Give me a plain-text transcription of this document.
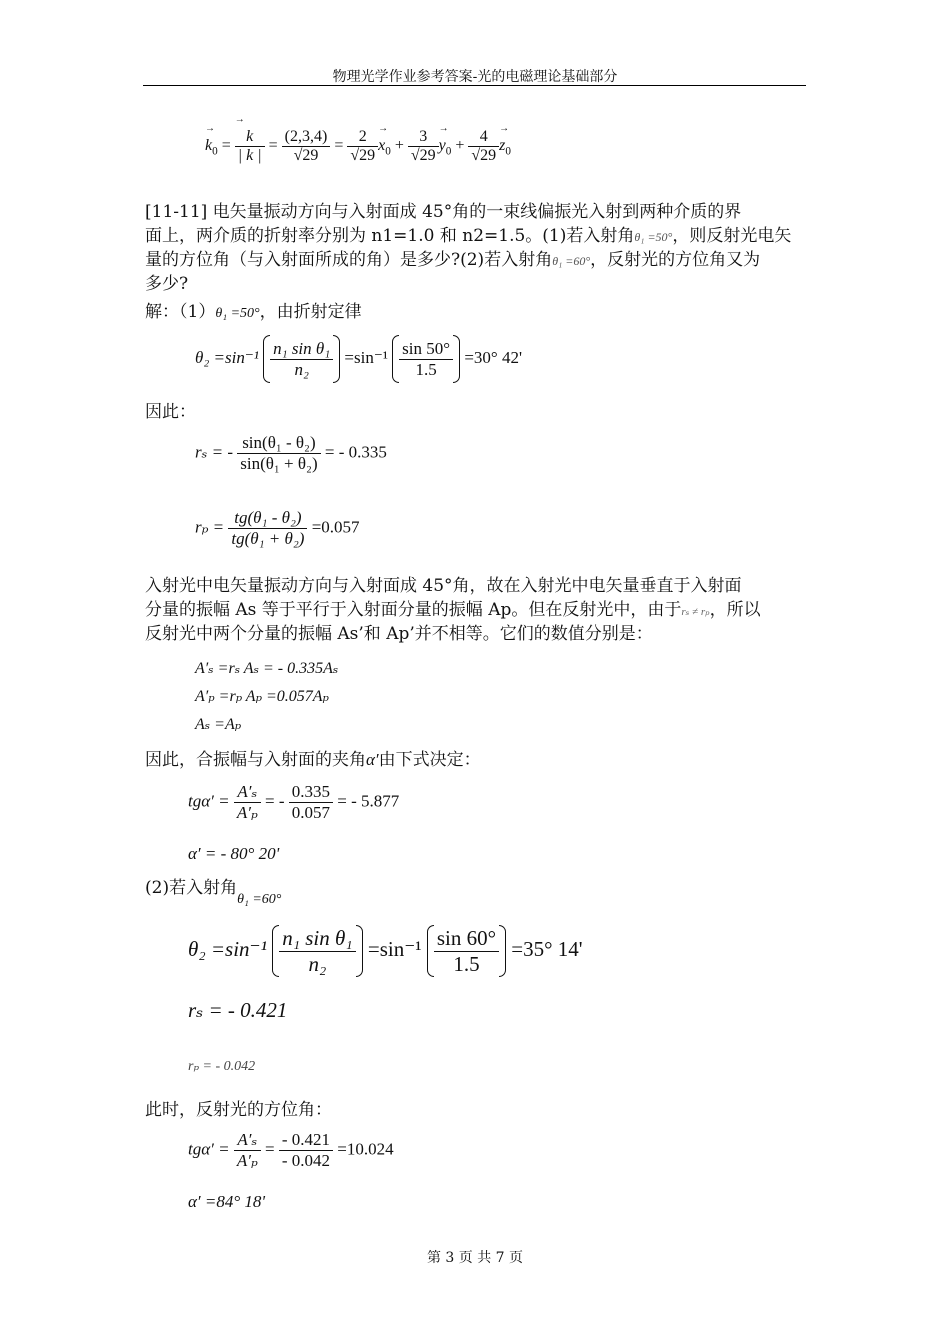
物理光学作业参考答案-光的电磁理论基础部分
→ $k_0$ =
→ $\frac{k}{| k |} = \frac{(2,3,4)}{√29} = \frac{2}{√29}$
→ $x_0 + \frac{3}{√29}$
→ $y_0 + \frac{4}{√29}$
→ $z_0$
[11-11] 电矢量振动方向与入射面成 45°角的一束线偏振光入射到两种介质的界
面上，两介质的折射率分别为 n1=1.0 和 n2=1.5。(1)若入射角θ₁ =50°，则反射光电矢
量的方位角（与入射面所成的角）是多少?(2)若入射角θ₁ =60°，反射光的方位角又为
多少?
解：（1）θ₁ =50°，由折射定律
$\theta_2 =\sin^{-1} \frac{\text{n₁ sin θ₁}}{\text{n₂}} =\sin^{-1} \frac{\sin 50^\circ}{1.5} =30^\circ$ 42'
因此：
rₛ = - $\frac{\text{sin(θ₁ - θ₂)}}{\text{sin(θ₁ + θ₂)}}$ = - 0.335
$r_p = \frac{\text{tg(θ₁ - θ₂)}}{\text{tg(θ₁ + θ₂)}} =0.057$
入射光中电矢量振动方向与入射面成 45°角，故在入射光中电矢量垂直于入射面
分量的振幅 As 等于平行于入射面分量的振幅 Ap。但在反射光中，由于rₛ ≠ rₚ，所以
反射光中两个分量的振幅 As’和 Ap’并不相等。它们的数值分别是：
A′ₛ =rₛ Aₛ = - 0.335Aₛ
A′ₚ =rₚ Aₚ =0.057Aₚ
Aₛ =Aₚ
因此，合振幅与入射面的夹角α′由下式决定：
$tg\alpha' = \frac{\text{A′ₛ}}{\text{A′ₚ}}$ = - $\frac{0.335}{0.057}$ = - 5.877
α′ = - 80° 20'
(2)若入射角$_{\theta_1 =60^\circ}$
$\theta_2 =\sin^{-1} \frac{\text{n₁ sin θ₁}}{\text{n₂}} =\sin^{-1} \frac{\sin 60^\circ}{1.5} =35^\circ$ 14'
rₛ = - 0.421
rₚ = - 0.042
此时，反射光的方位角：
$tg\alpha' = \frac{\text{A′ₛ}}{\text{A′ₚ}} = \frac{- 0.421}{- 0.042} =10.024$
α′ =84° 18'
第 3 页 共 7 页
